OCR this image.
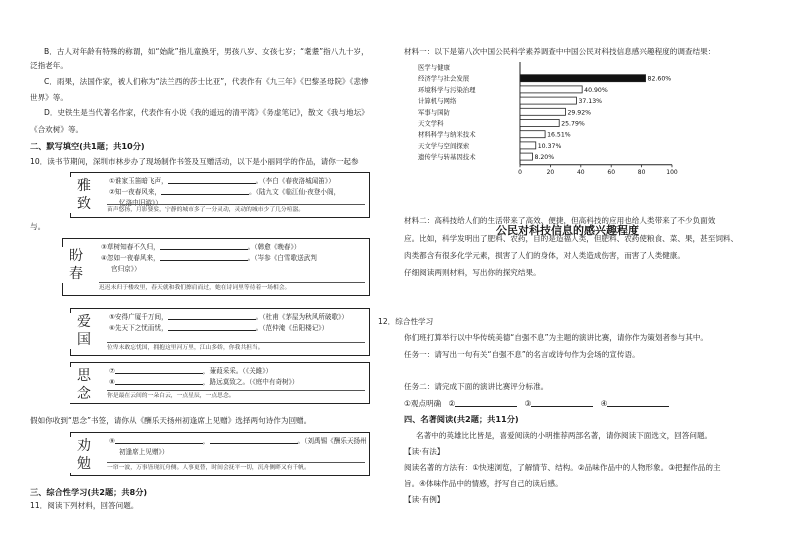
B．古人对年龄有特殊的称谓，如“始龀”指儿童换牙，男孩八岁、女孩七岁；“耄耋”指八九十岁，
泛指老年。
C．雨果，法国作家，被人们称为“法兰西的莎士比亚”，代表作有《九三年》《巴黎圣母院》《悲惨
世界》等。
D．史铁生是当代著名作家，代表作有小说《我的遥远的清平湾》《务虚笔记》，散文《我与地坛》
《合欢树》等。
二、默写填空(共1题；共10分)
10．读书节期间，深圳市林步办了现场制作书签及互赠活动，以下是小丽同学的作品，请你一起参
与。
雅
致
①谁家玉笛暗飞声，	。（李白《春夜洛城闻笛》）
②知一夜春风来，	。（陆九文《临江仙·夜登小阁，
忆洛中旧游》）
苗声悠扬，月影婆娑，宁静的城市多了一分灵动，灵动的城市少了几分喧嚣。
盼
春
③草树知春不久归，	。（韩愈《晚春》）
④忽如一夜春风来，	。（岑参《白雪歌送武判
官归京》）
迟迟未归于楼攻里，春天就和我们擦肩而过，她在诗词里等待着一场相会。
爱
国
⑤安得广厦千万间，	。（杜甫《茅屋为秋风所破歌》）
⑥先天下之忧而忧，	。（范仲淹《岳阳楼记》）
位卑未敢忘忧国，拥抱这里河万里，江山多娇，你我共担当。
思
念
⑦	，蒹葭采采。（《关雎》）
⑧	，路远莫致之。（《庭中有奇树》）
你是最在云间的一朵白云，一点星辰，一点思念。
假如你收到“思念”书签，请你从《酬乐天扬州初逢席上见赠》选择两句诗作为回赠。
劝
勉
⑨	，	。（刘禹锡《酬乐天扬州
初逢席上见赠》）
一帘一波，万事皆现沉舟侧。人事更替，时间会抚平一切，沉舟侧畔又有千帆。
三、综合性学习(共2题；共8分)
11．阅读下列材料，回答问题。
材料一：以下是第八次中国公民科学素养调查中中国公民对科技信息感兴趣程度的调查结果：
医学与健康
经济学与社会发展	82.60%
环境科学与污染治理	40.90%
计算机与网络	37.13%
军事与国防	29.92%
天文学科	25.79%
材料科学与纳米技术	16.51%
天文学与空间探索	10.37%
遗传学与转基因技术	8.20%
0	20	40	60	80	100
公民对科技信息的感兴趣程度
材料二：高科技给人们的生活带来了高效、便捷，但高科技的应用也给人类带来了不少负面效
应。比如，科学发明出了肥料、农药，目的是造福人类，但肥料、农药使粮食、菜、果，甚至饲料、
肉类都含有很多化学元素，损害了人们的身体，对人类造成伤害，而害了人类健康。
仔细阅读两则材料，写出你的探究结果。
12．综合性学习
你们班打算举行以中华传统美德“自强不息”为主题的演讲比赛，请你作为策划者参与其中。
任务一：请写出一句有关“自强不息”的名言或诗句作为会场的宣传语。
任务二：请完成下面的演讲比赛评分标准。
①观点明确 ②	③	④
四、名著阅读(共2题；共11分)
名著中的英雄比比皆是，喜爱阅读的小明推荐两部名著，请你阅读下面选文，回答问题。
【读·有法】
阅读名著的方法有：①快速浏览，了解情节、结构。②品味作品中的人物形象。③把握作品的主
旨。④体味作品中的情感，抒写自己的读后感。
【读·有例】
